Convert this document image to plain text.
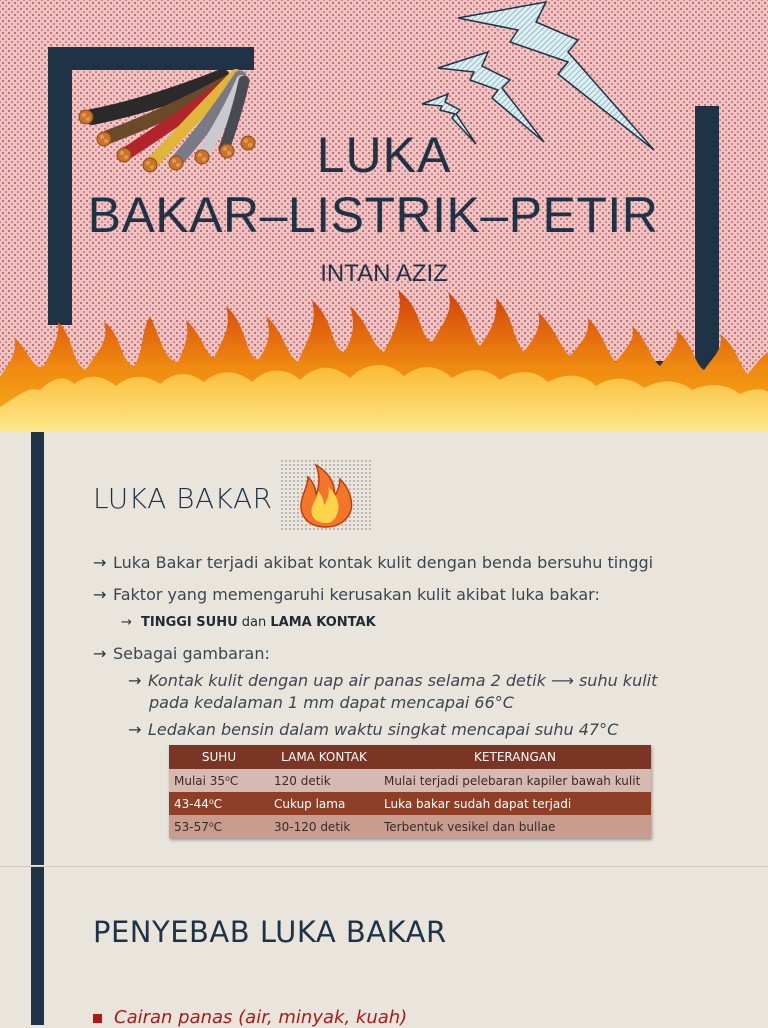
LUKA
BAKAR–LISTRIK–PETIR
INTAN AZIZ
LUKA BAKAR
→ Luka Bakar terjadi akibat kontak kulit dengan benda bersuhu tinggi
→ Faktor yang memengaruhi kerusakan kulit akibat luka bakar:
→ TINGGI SUHU dan LAMA KONTAK
→ Sebagai gambaran:
→ Kontak kulit dengan uap air panas selama 2 detik ⟶ suhu kulit
pada kedalaman 1 mm dapat mencapai 66°C
→ Ledakan bensin dalam waktu singkat mencapai suhu 47°C
SUHU	LAMA KONTAK	KETERANGAN
Mulai 35⁰C	120 detik	Mulai terjadi pelebaran kapiler bawah kulit
43-44⁰C	Cukup lama	Luka bakar sudah dapat terjadi
53-57⁰C	30-120 detik	Terbentuk vesikel dan bullae
PENYEBAB LUKA BAKAR
Cairan panas (air, minyak, kuah)
